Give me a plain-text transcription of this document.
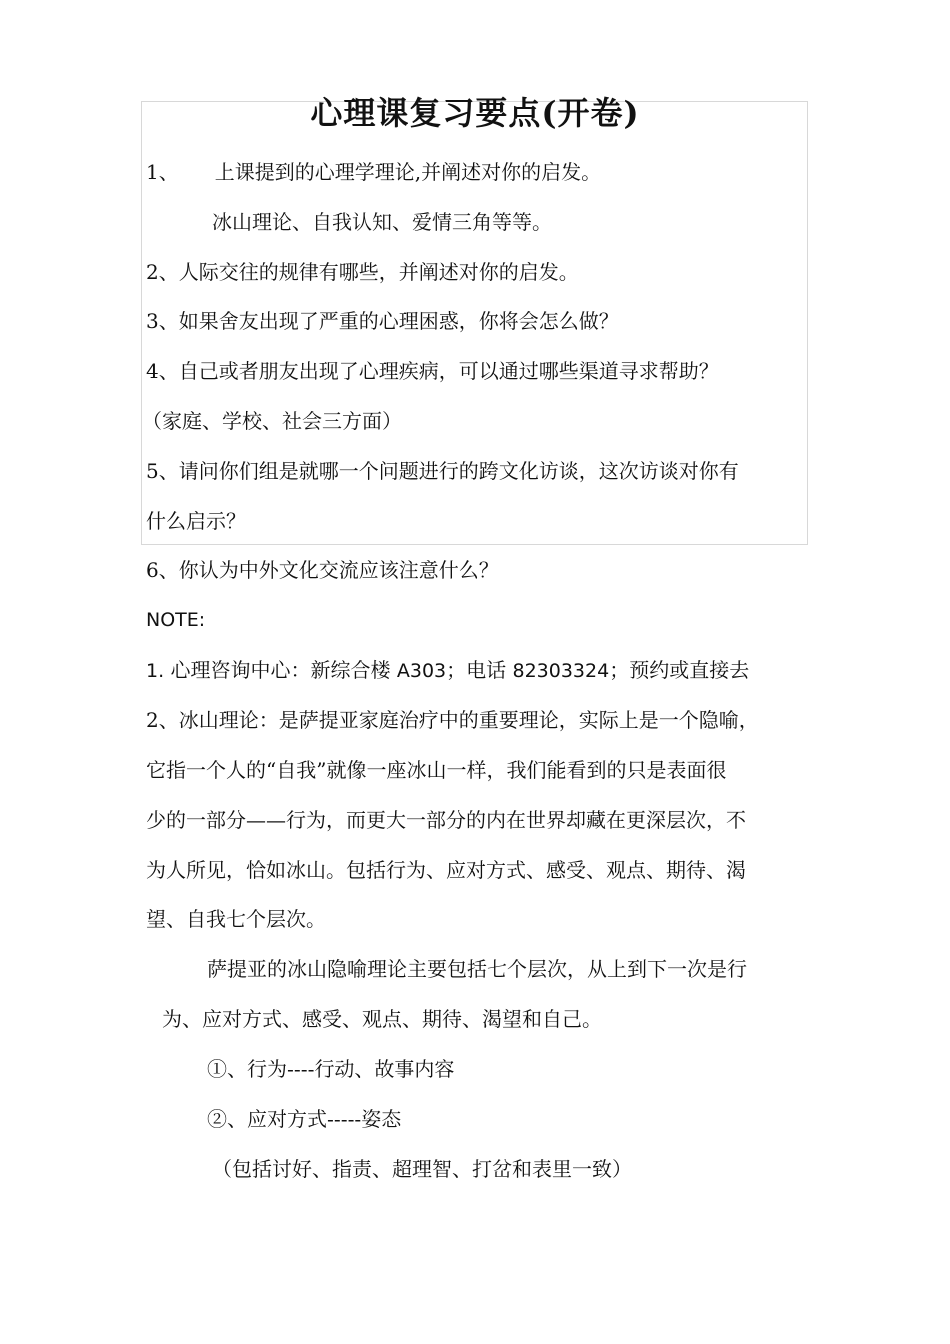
心理课复习要点(开卷)
1、 上课提到的心理学理论,并阐述对你的启发。
冰山理论、自我认知、爱情三角等等。
2、人际交往的规律有哪些，并阐述对你的启发。
3、如果舍友出现了严重的心理困惑，你将会怎么做？
4、自己或者朋友出现了心理疾病，可以通过哪些渠道寻求帮助？
（家庭、学校、社会三方面）
5、请问你们组是就哪一个问题进行的跨文化访谈，这次访谈对你有
什么启示？
6、你认为中外文化交流应该注意什么？
NOTE:
1. 心理咨询中心：新综合楼 A303；电话 82303324；预约或直接去
2、冰山理论：是萨提亚家庭治疗中的重要理论，实际上是一个隐喻，
它指一个人的“自我”就像一座冰山一样，我们能看到的只是表面很
少的一部分——行为，而更大一部分的内在世界却藏在更深层次，不
为人所见，恰如冰山。包括行为、应对方式、感受、观点、期待、渴
望、自我七个层次。
萨提亚的冰山隐喻理论主要包括七个层次，从上到下一次是行
为、应对方式、感受、观点、期待、渴望和自己。
①、行为----行动、故事内容
②、应对方式-----姿态
（包括讨好、指责、超理智、打岔和表里一致）
